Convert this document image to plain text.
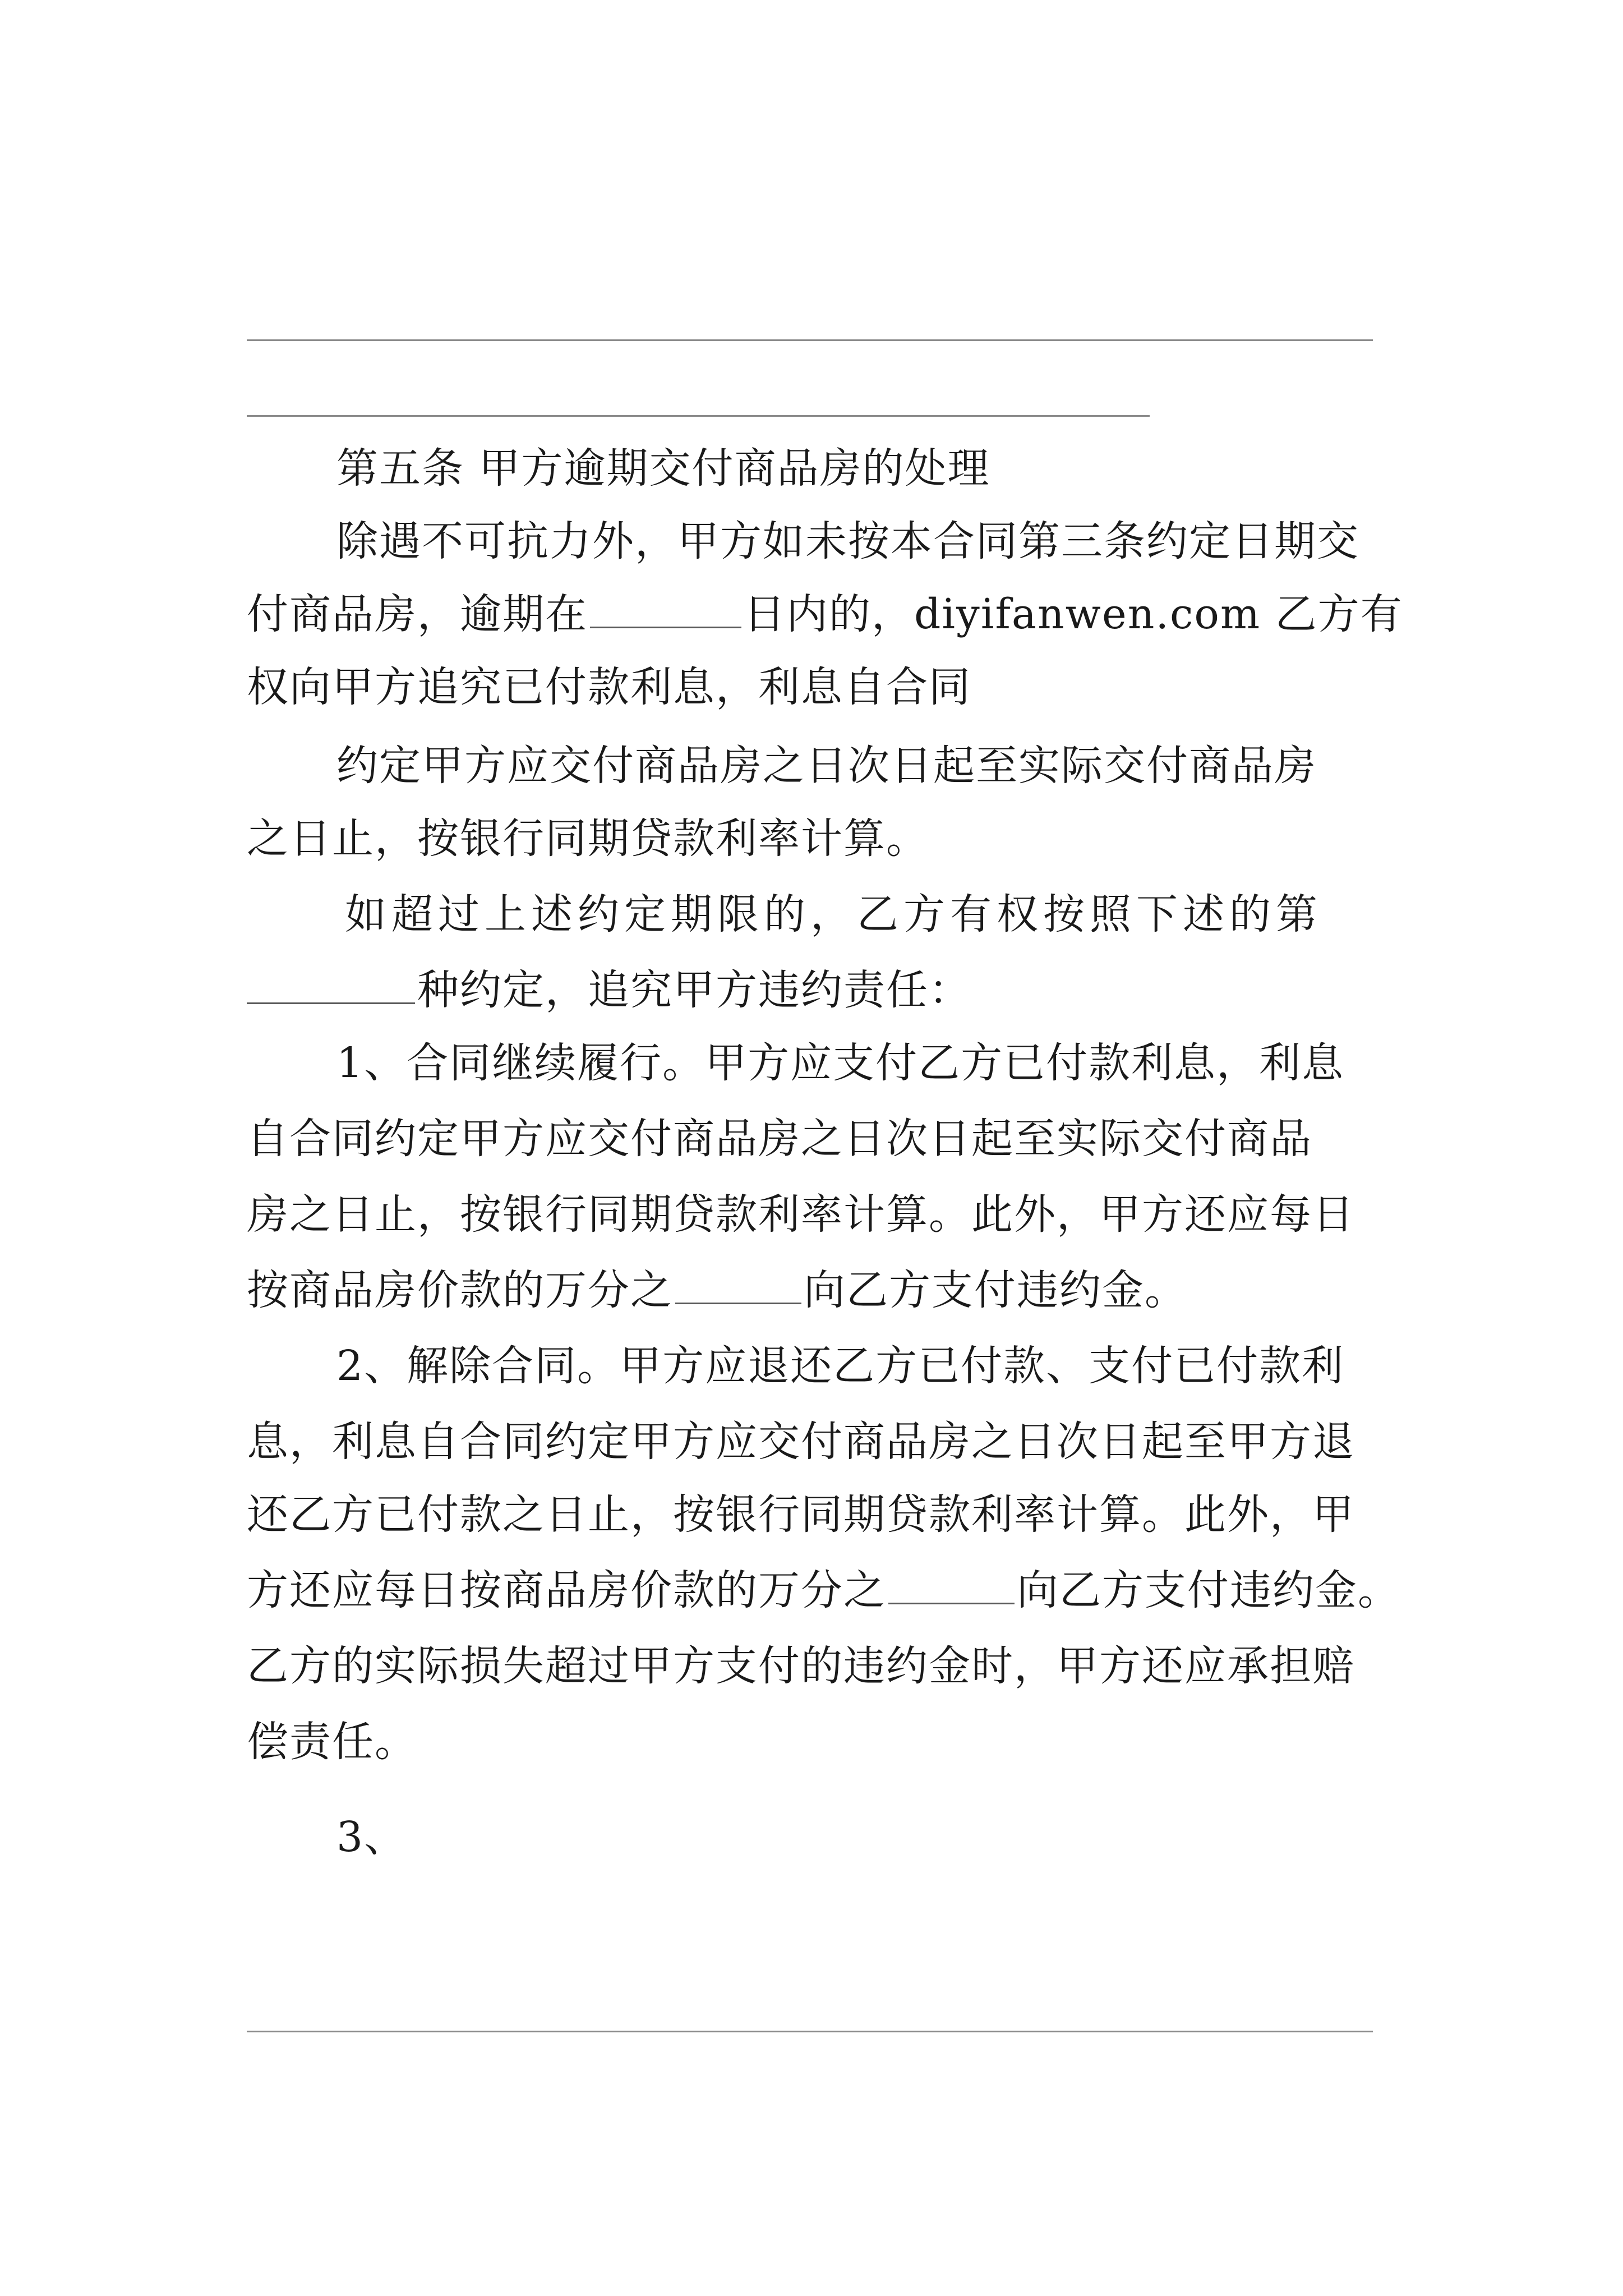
第五条 甲方逾期交付商品房的处理
除遇不可抗力外，甲方如未按本合同第三条约定日期交
付商品房，逾期在	日内的，diyifanwen.com 乙方有
权向甲方追究已付款利息，利息自合同
约定甲方应交付商品房之日次日起至实际交付商品房
之日止，按银行同期贷款利率计算。
如超过上述约定期限的，乙方有权按照下述的第
种约定，追究甲方违约责任：
1、合同继续履行。甲方应支付乙方已付款利息，利息
自合同约定甲方应交付商品房之日次日起至实际交付商品
房之日止，按银行同期贷款利率计算。此外，甲方还应每日
按商品房价款的万分之	向乙方支付违约金。
2、解除合同。甲方应退还乙方已付款、支付已付款利
息，利息自合同约定甲方应交付商品房之日次日起至甲方退
还乙方已付款之日止，按银行同期贷款利率计算。此外，甲
方还应每日按商品房价款的万分之	向乙方支付违约金。
乙方的实际损失超过甲方支付的违约金时，甲方还应承担赔
偿责任。
3、
